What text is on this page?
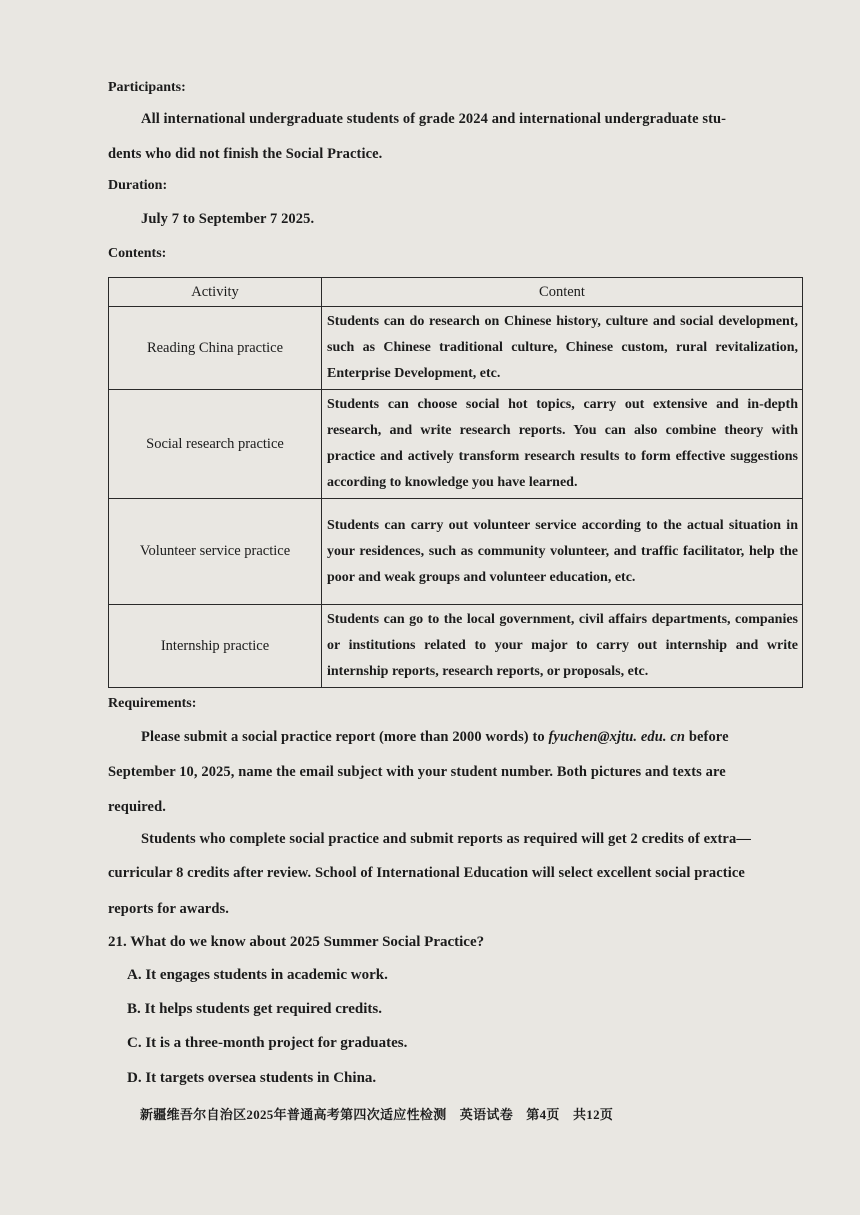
Participants:
All international undergraduate students of grade 2024 and international undergraduate stu-
dents who did not finish the Social Practice.
Duration:
July 7 to September 7 2025.
Contents:
Activity	Content
Reading China practice	Students can do research on Chinese history, culture and social development, such as Chinese traditional culture, Chinese custom, rural revitalization, Enterprise Development, etc.
Social research practice	Students can choose social hot topics, carry out extensive and in-depth research, and write research reports. You can also combine theory with practice and actively transform research results to form effective suggestions according to knowledge you have learned.
Volunteer service practice	Students can carry out volunteer service according to the actual situation in your residences, such as community volunteer, and traffic facilitator, help the poor and weak groups and volunteer education, etc.
Internship practice	Students can go to the local government, civil affairs departments, companies or institutions related to your major to carry out internship and write internship reports, research reports, or proposals, etc.
Requirements:
Please submit a social practice report (more than 2000 words) to fyuchen@xjtu. edu. cn before
September 10, 2025, name the email subject with your student number. Both pictures and texts are
required.
Students who complete social practice and submit reports as required will get 2 credits of extra—
curricular 8 credits after review. School of International Education will select excellent social practice
reports for awards.
21. What do we know about 2025 Summer Social Practice?
A. It engages students in academic work.
B. It helps students get required credits.
C. It is a three-month project for graduates.
D. It targets oversea students in China.
新疆维吾尔自治区2025年普通高考第四次适应性检测　英语试卷　第4页　共12页
